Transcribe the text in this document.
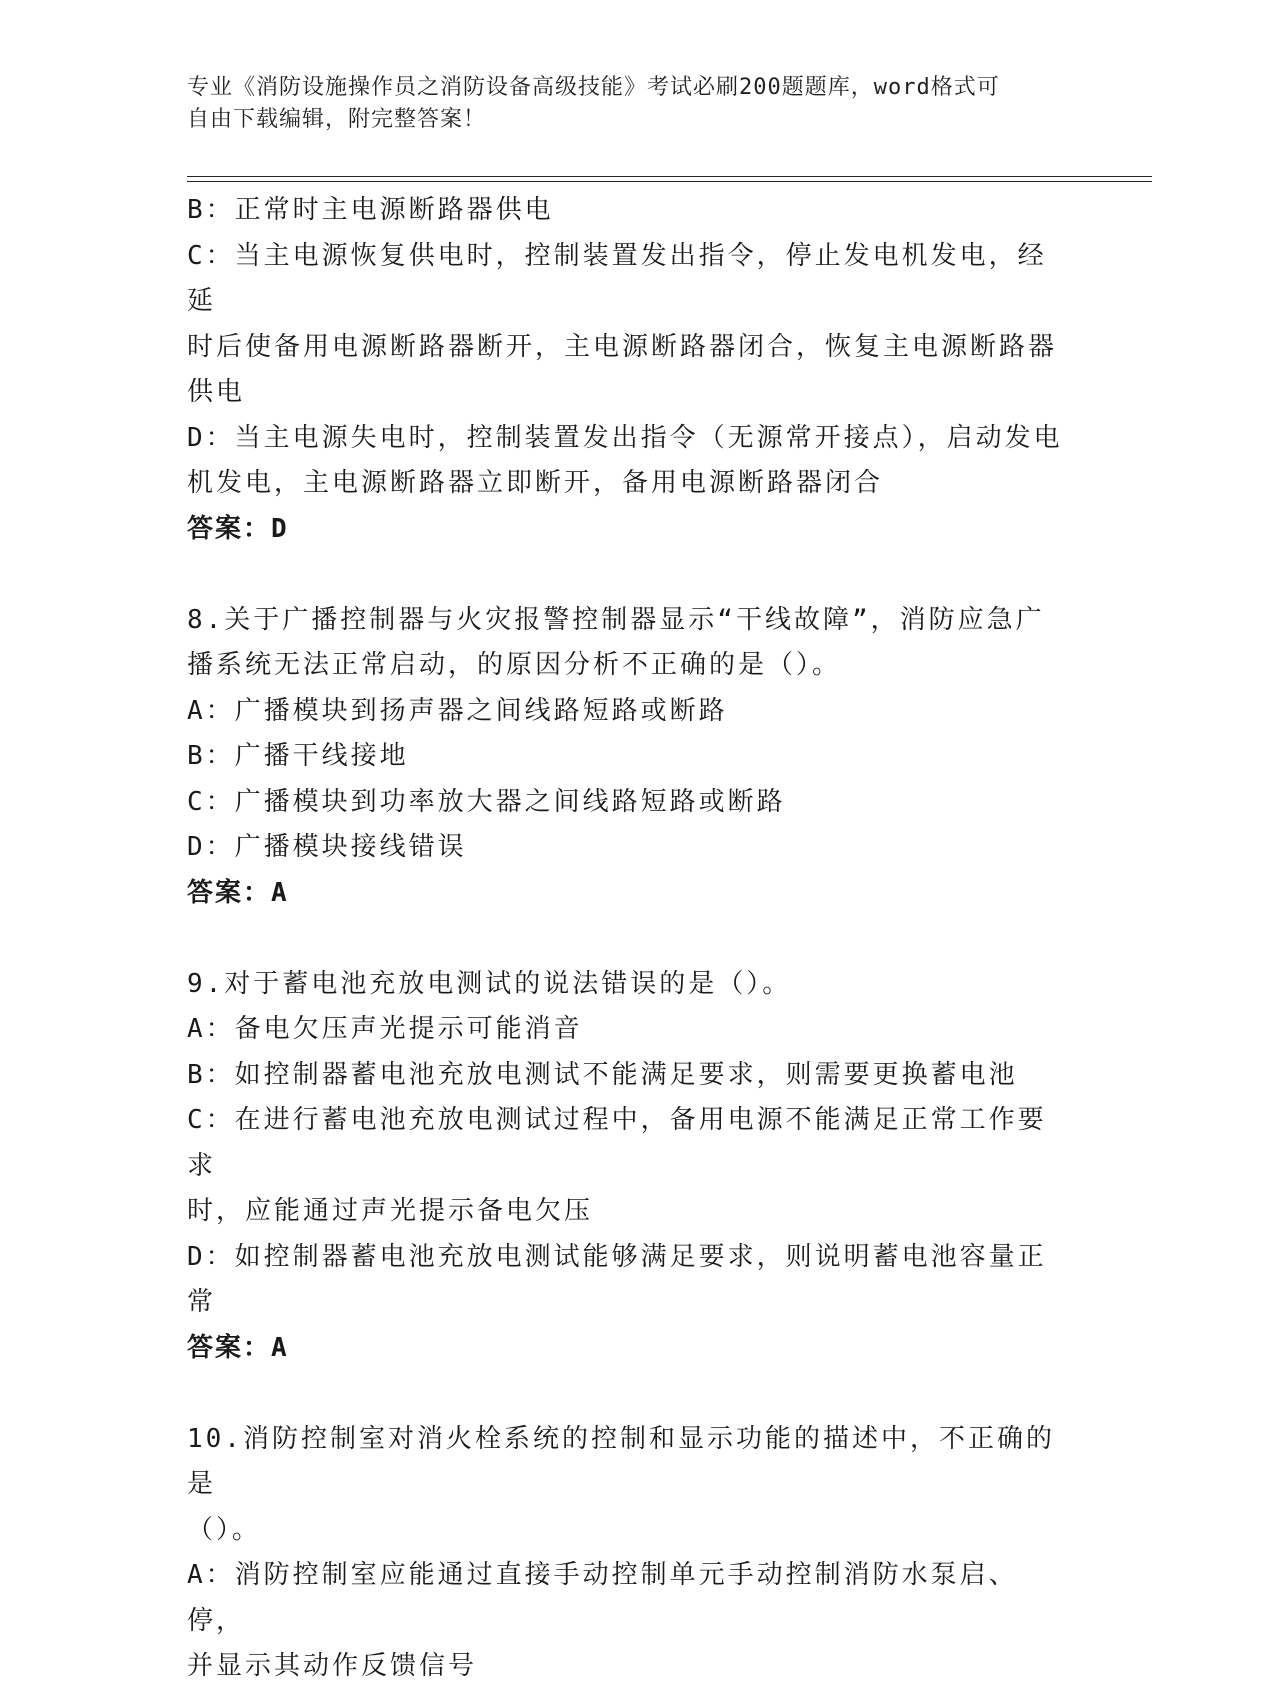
专业《消防设施操作员之消防设备高级技能》考试必刷200题题库，word格式可
自由下载编辑，附完整答案！
B：正常时主电源断路器供电
C：当主电源恢复供电时，控制装置发出指令，停止发电机发电，经延
时后使备用电源断路器断开，主电源断路器闭合，恢复主电源断路器
供电
D：当主电源失电时，控制装置发出指令（无源常开接点），启动发电
机发电，主电源断路器立即断开，备用电源断路器闭合
答案：D
8.关于广播控制器与火灾报警控制器显示“干线故障”，消防应急广
播系统无法正常启动，的原因分析不正确的是（）。
A：广播模块到扬声器之间线路短路或断路
B：广播干线接地
C：广播模块到功率放大器之间线路短路或断路
D：广播模块接线错误
答案：A
9.对于蓄电池充放电测试的说法错误的是（）。
A：备电欠压声光提示可能消音
B：如控制器蓄电池充放电测试不能满足要求，则需要更换蓄电池
C：在进行蓄电池充放电测试过程中，备用电源不能满足正常工作要求
时，应能通过声光提示备电欠压
D：如控制器蓄电池充放电测试能够满足要求，则说明蓄电池容量正常
答案：A
10.消防控制室对消火栓系统的控制和显示功能的描述中，不正确的是
（）。
A：消防控制室应能通过直接手动控制单元手动控制消防水泵启、停，
并显示其动作反馈信号
